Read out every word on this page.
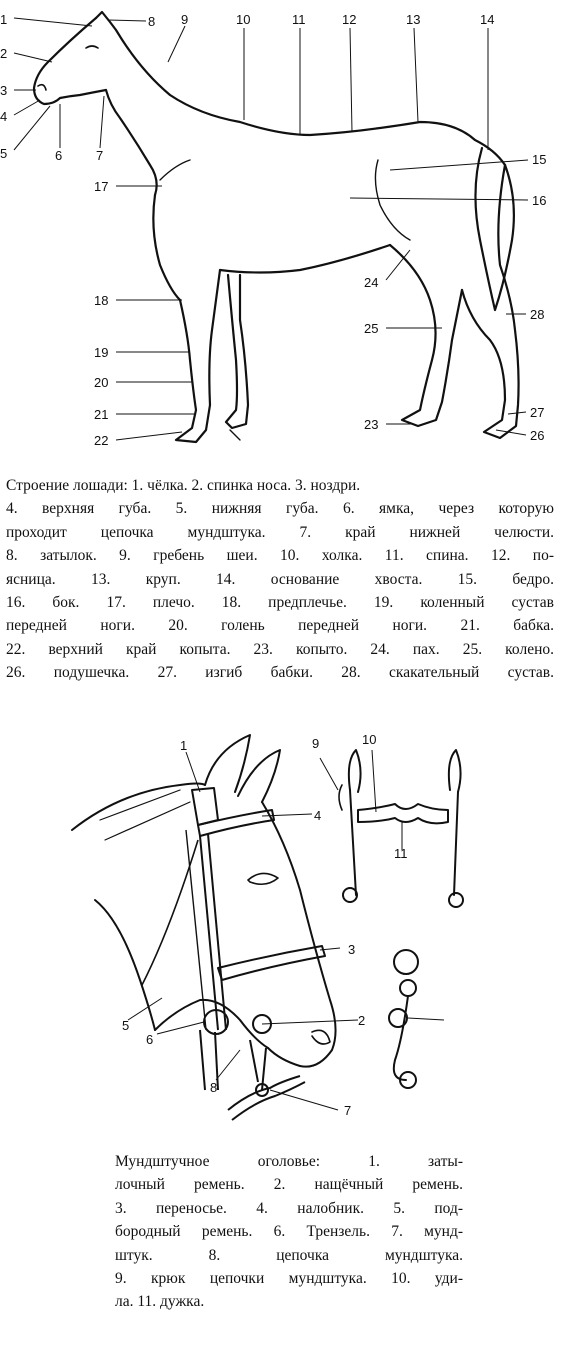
1
2
3
4
5	6	7
8 9	10	11	12	13	14
15
16
17
18
19
20
21
22
23
24
25
26
27
28
Строение лошади: 1. чёлка. 2. спинка носа. 3. ноздри.
4. верхняя губа. 5. нижняя губа. 6. ямка, через которую
проходит цепочка мундштука. 7. край нижней челюсти.
8. затылок. 9. гребень шеи. 10. холка. 11. спина. 12. по-
ясница. 13. круп. 14. основание хвоста. 15. бедро.
16. бок. 17. плечо. 18. предплечье. 19. коленный сустав
передней ноги. 20. голень передней ноги. 21. бабка.
22. верхний край копыта. 23. копыто. 24. пах. 25. колено.
26. подушечка. 27. изгиб бабки. 28. скакательный сустав.
1
2
3
4
5
6
7
8
9	10
11
Мундштучное оголовье: 1. заты-
лочный ремень. 2. нащёчный ремень.
3. переносье. 4. налобник. 5. под-
бородный ремень. 6. Трензель. 7. мунд-
штук. 8. цепочка мундштука.
9. крюк цепочки мундштука. 10. уди-
ла. 11. дужка.
